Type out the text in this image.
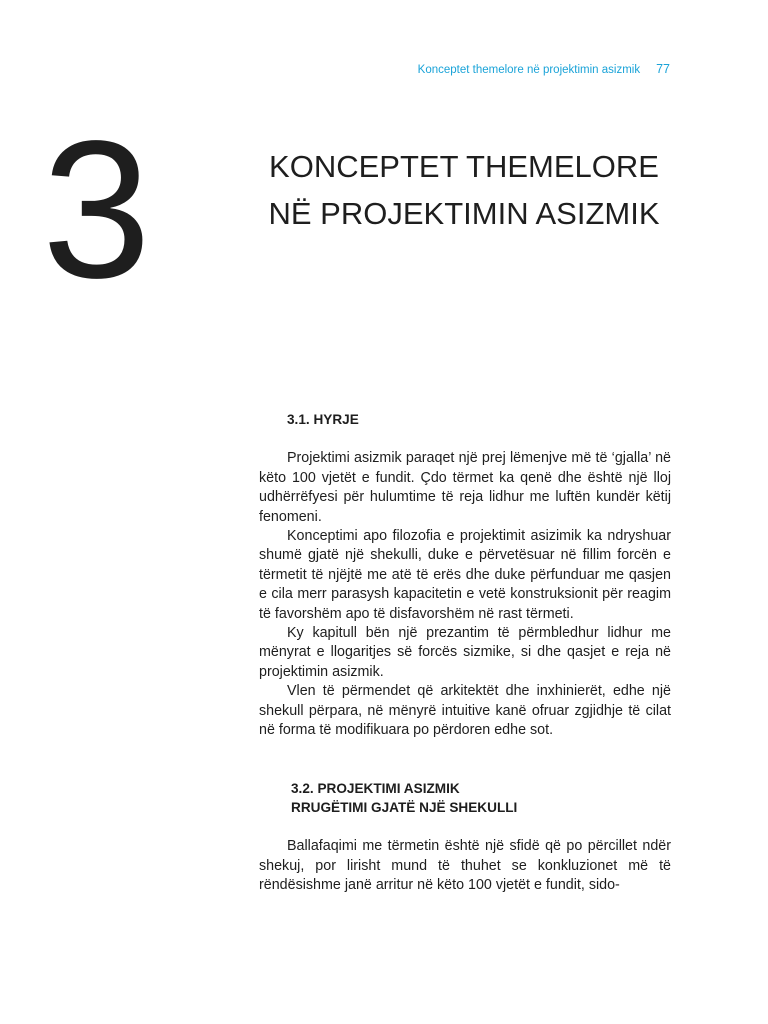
Konceptet themelore në projektimin asizmik 77
3	KONCEPTET THEMELORE
NË PROJEKTIMIN ASIZMIK
3.1. HYRJE

Projektimi asizmik paraqet një prej lëmenjve më të ‘gjalla’ në këto 100 vjetët e fundit. Çdo tërmet ka qenë dhe është një lloj udhërrëfyesi për hulumtime të reja lidhur me luftën kundër këtij fenomeni.

Konceptimi apo filozofia e projektimit asizimik ka ndryshuar shumë gjatë një shekulli, duke e përvetësuar në fillim forcën e tërmetit të njëjtë me atë të erës dhe duke përfunduar me qasjen e cila merr parasysh kapacitetin e vetë konstruksionit për reagim të favorshëm apo të disfavorshëm në rast tërmeti.

Ky kapitull bën një prezantim të përmbledhur lidhur me mënyrat e llogaritjes së forcës sizmike, si dhe qasjet e reja në projektimin asizmik.

Vlen të përmendet që arkitektët dhe inxhinierët, edhe një shekull përpara, në mënyrë intuitive kanë ofruar zgjidhje të cilat në forma të modifikuara po përdoren edhe sot.

3.2. PROJEKTIMI ASIZMIK
RRUGËTIMI GJATË NJË SHEKULLI

Ballafaqimi me tërmetin është një sfidë që po përcillet ndër shekuj, por lirisht mund të thuhet se konkluzionet më të rëndësishme janë arritur në këto 100 vjetët e fundit, sido-
